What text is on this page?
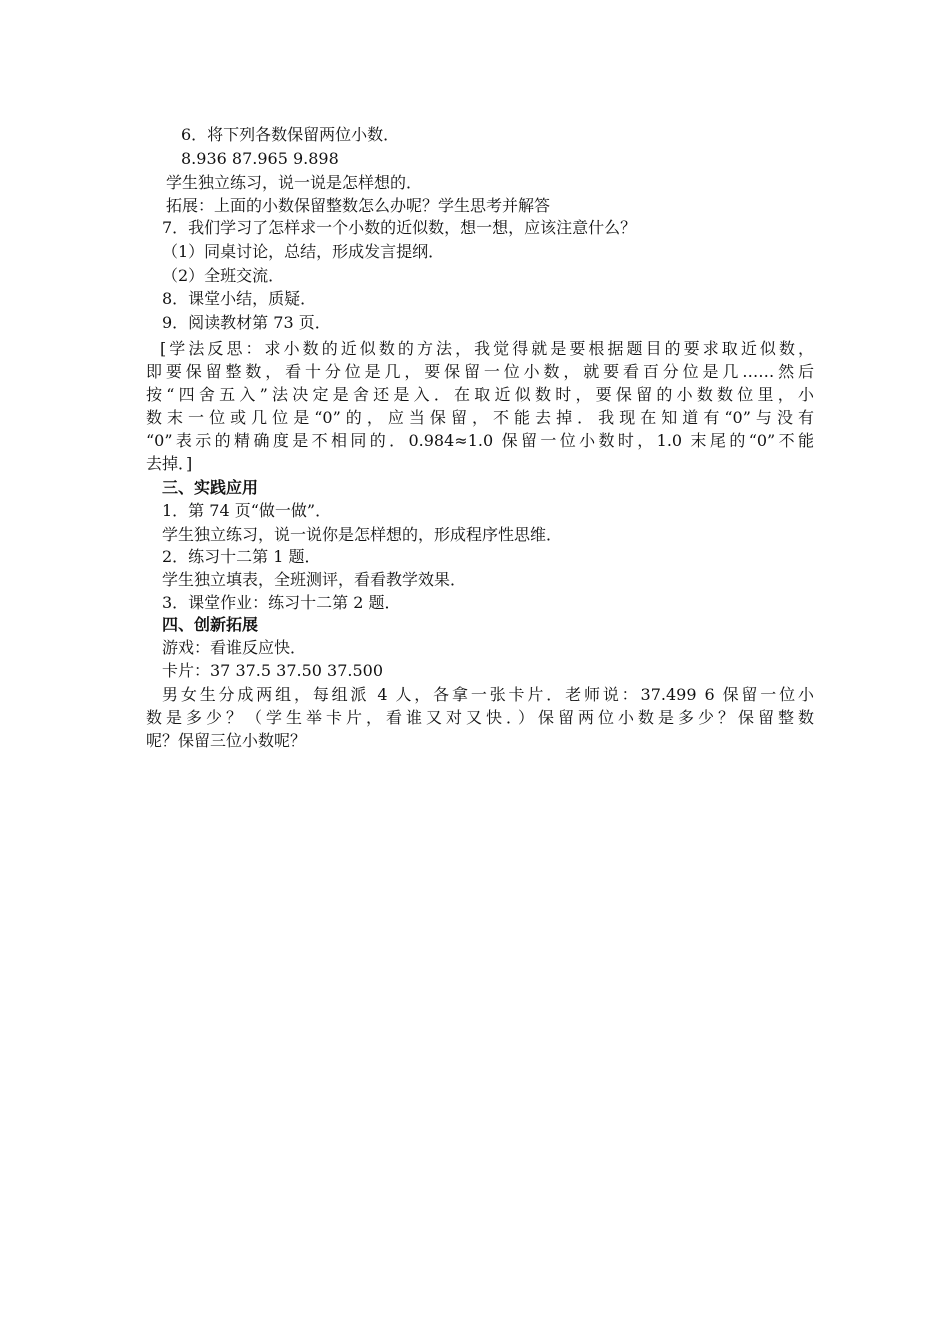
6．将下列各数保留两位小数．
8.936 87.965 9.898
学生独立练习，说一说是怎样想的．
拓展：上面的小数保留整数怎么办呢？学生思考并解答
7．我们学习了怎样求一个小数的近似数，想一想，应该注意什么？
（1）同桌讨论，总结，形成发言提纲．
（2）全班交流．
8．课堂小结，质疑．
9．阅读教材第 73 页．
[学法反思：求小数的近似数的方法，我觉得就是要根据题目的要求取近似数，
即要保留整数，看十分位是几，要保留一位小数，就要看百分位是几……然后
按“四舍五入”法决定是舍还是入．在取近似数时，要保留的小数数位里，小
数末一位或几位是“0”的，应当保留，不能去掉．我现在知道有“0”与没有
“0”表示的精确度是不相同的．0.984≈1.0 保留一位小数时，1.0 末尾的“0”不能
去掉．]
三、实践应用
1．第 74 页“做一做”．
学生独立练习，说一说你是怎样想的，形成程序性思维．
2．练习十二第 1 题．
学生独立填表，全班测评，看看教学效果．
3．课堂作业：练习十二第 2 题．
四、创新拓展
游戏：看谁反应快．
卡片：37 37.5 37.50 37.500
男女生分成两组，每组派 4 人，各拿一张卡片．老师说：37.499 6 保留一位小
数是多少？（学生举卡片，看谁又对又快．）保留两位小数是多少？保留整数
呢？保留三位小数呢？
